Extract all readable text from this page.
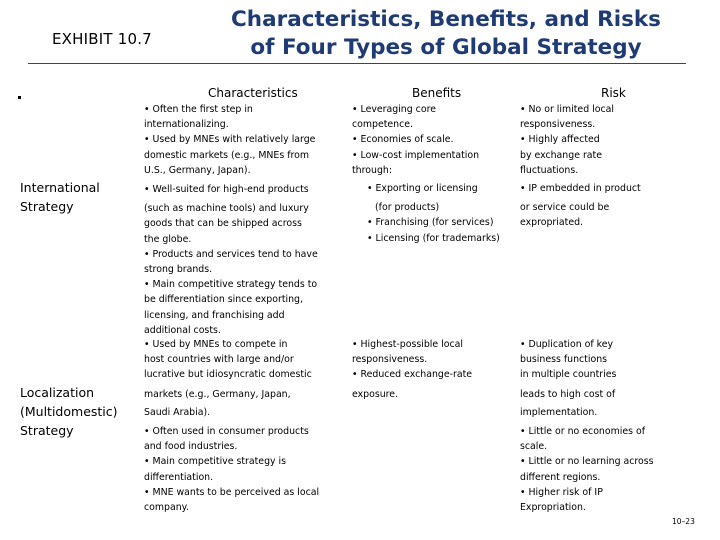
EXHIBIT 10.7
Characteristics, Benefits, and Risks
of Four Types of Global Strategy
Characteristics	Benefits	Risk
International
Strategy
• Often the first step in
internationalizing.
• Used by MNEs with relatively large
domestic markets (e.g., MNEs from
U.S., Germany, Japan).
• Well-suited for high-end products
(such as machine tools) and luxury
goods that can be shipped across
the globe.
• Products and services tend to have
strong brands.
• Main competitive strategy tends to
be differentiation since exporting,
licensing, and franchising add
additional costs.
• Leveraging core
competence.
• Economies of scale.
• Low-cost implementation
through:
• Exporting or licensing
(for products)
• Franchising (for services)
• Licensing (for trademarks)
• No or limited local
responsiveness.
• Highly affected
by exchange rate
fluctuations.
• IP embedded in product
or service could be
expropriated.
Localization
(Multidomestic)
Strategy
• Used by MNEs to compete in
host countries with large and/or
lucrative but idiosyncratic domestic
markets (e.g., Germany, Japan,
Saudi Arabia).
• Often used in consumer products
and food industries.
• Main competitive strategy is
differentiation.
• MNE wants to be perceived as local
company.
• Highest-possible local
responsiveness.
• Reduced exchange-rate
exposure.
• Duplication of key
business functions
in multiple countries
leads to high cost of
implementation.
• Little or no economies of
scale.
• Little or no learning across
different regions.
• Higher risk of IP
Expropriation.
10–23
